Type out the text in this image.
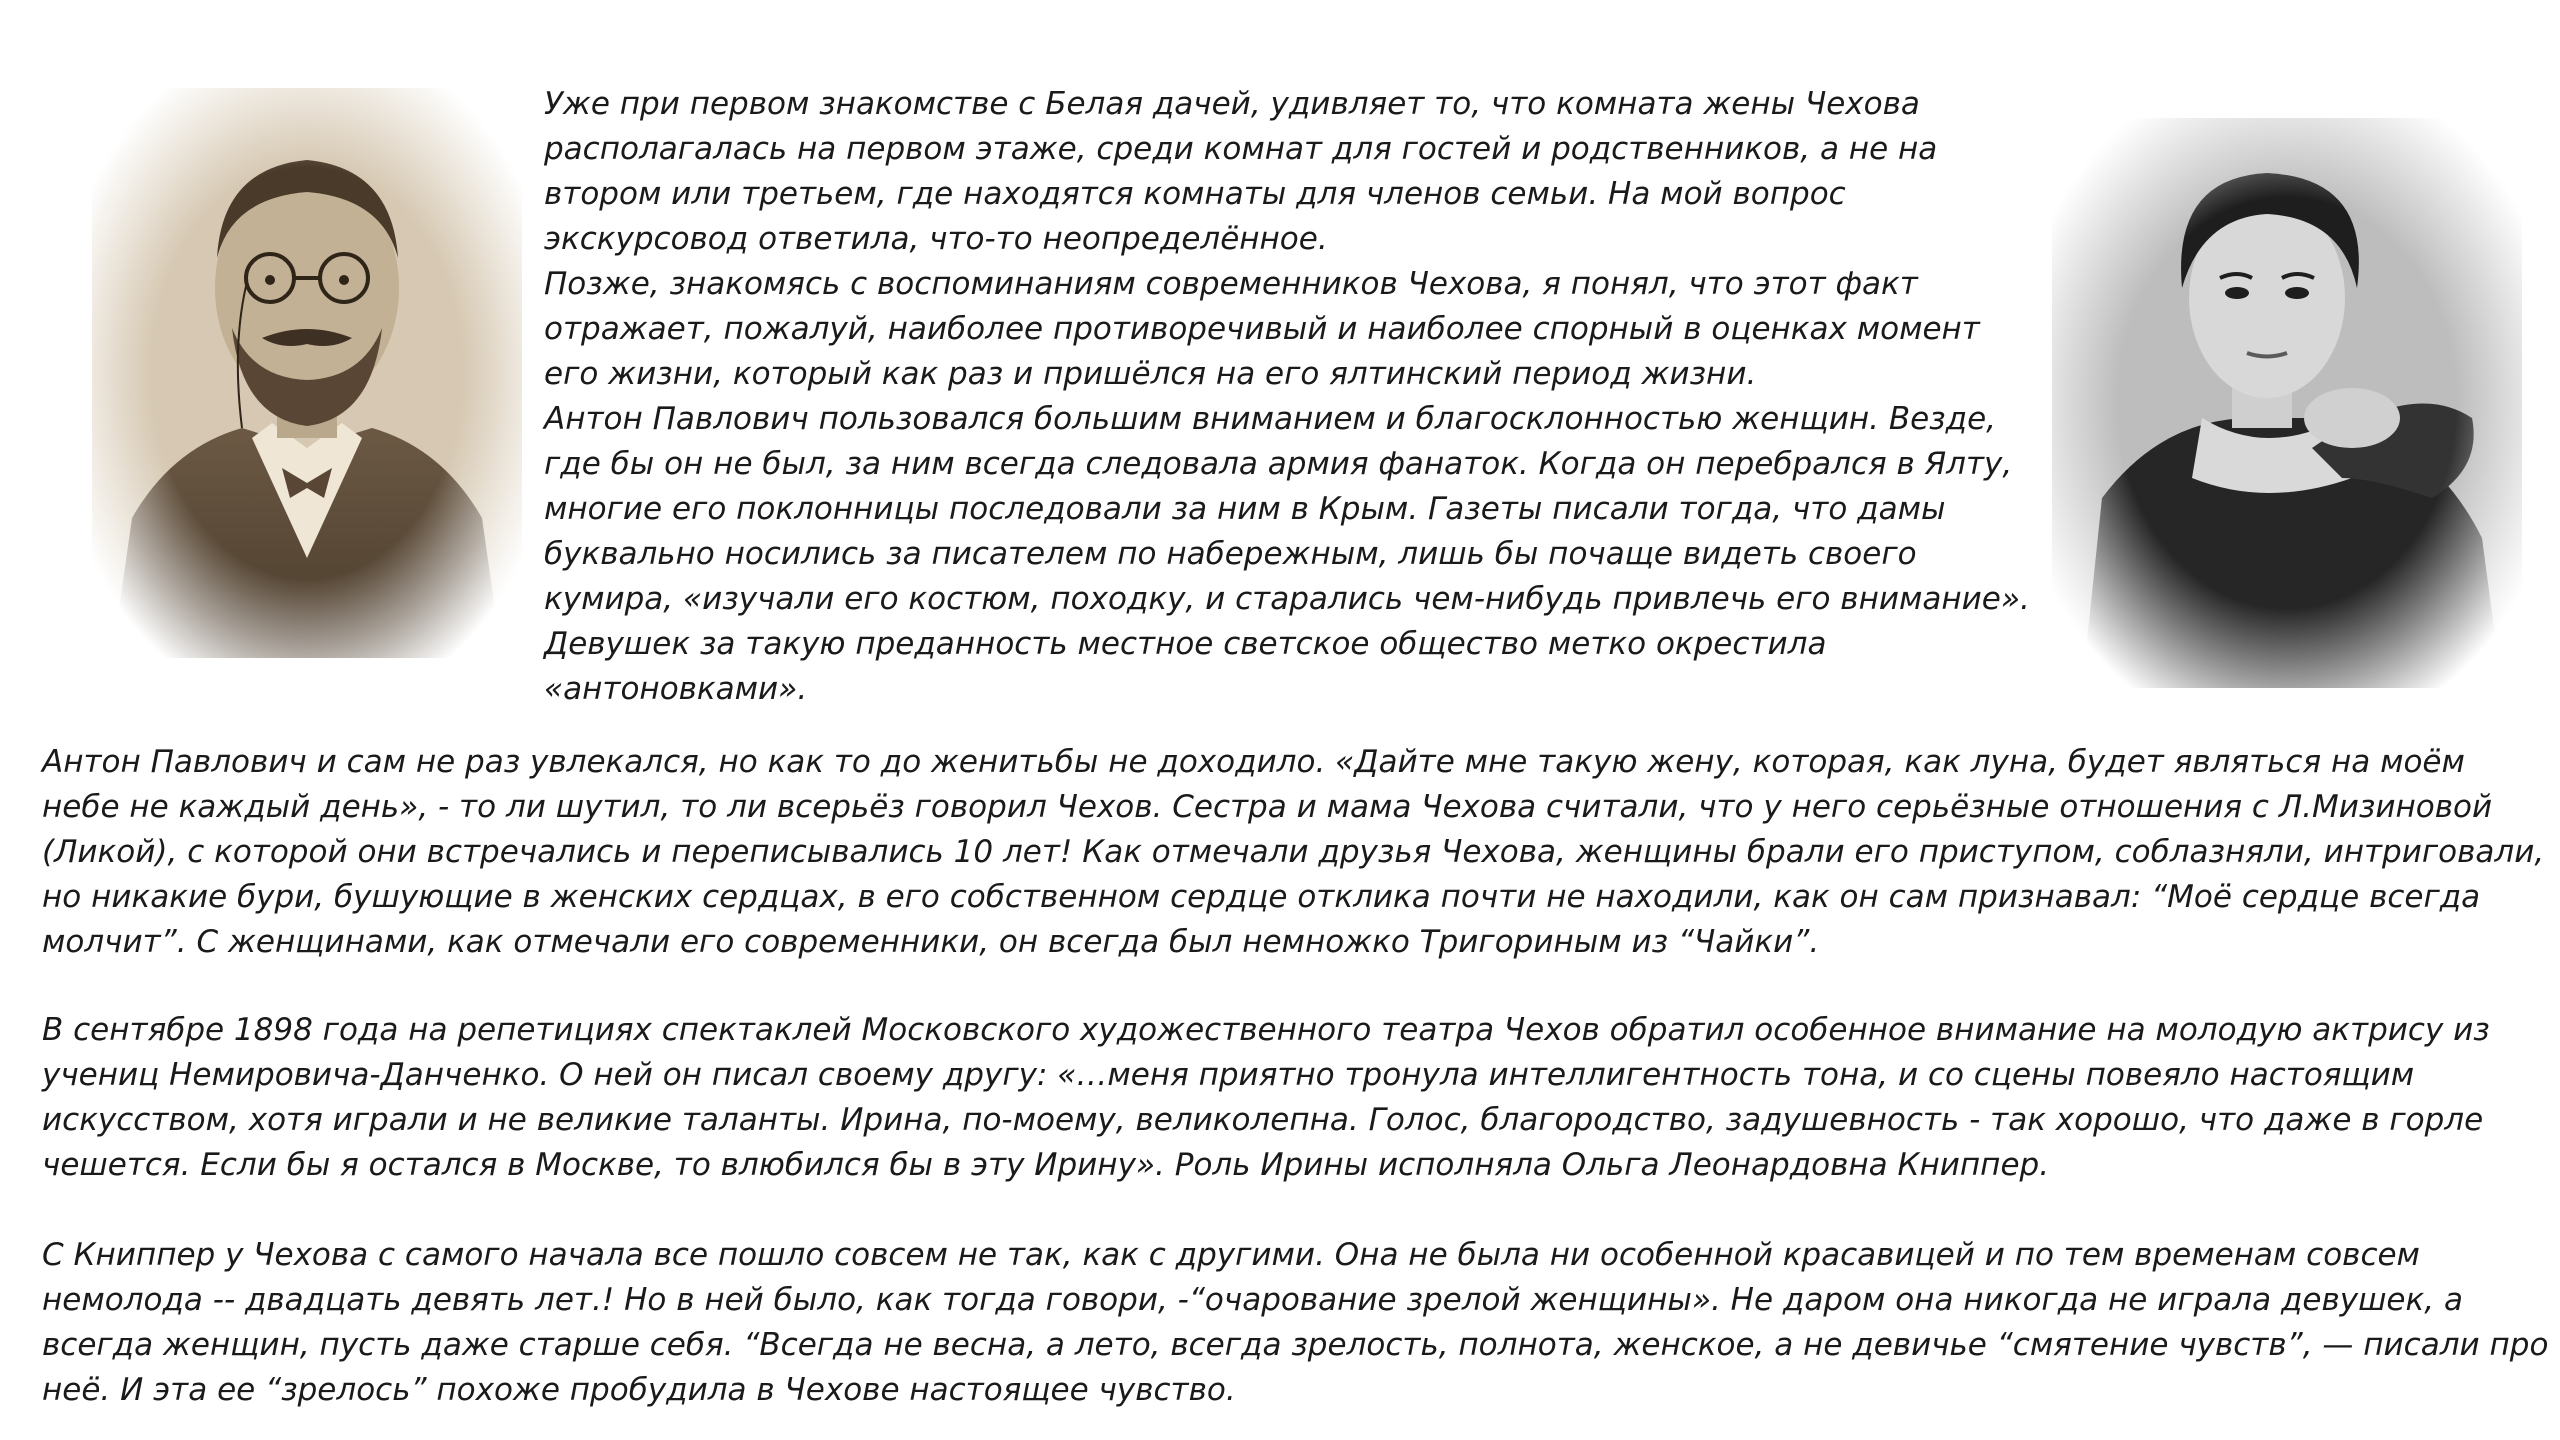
Уже при первом знакомстве с Белая дачей, удивляет то, что комната жены Чехова
располагалась на первом этаже, среди комнат для гостей и родственников, а не на
втором или третьем, где находятся комнаты для членов семьи. На мой вопрос
экскурсовод ответила, что-то неопределённое.
Позже, знакомясь с воспоминаниям современников Чехова, я понял, что этот факт
отражает, пожалуй, наиболее противоречивый и наиболее спорный в оценках момент
его жизни, который как раз и пришёлся на его ялтинский период жизни.
Антон Павлович пользовался большим вниманием и благосклонностью женщин. Везде,
где бы он не был, за ним всегда следовала армия фанаток. Когда он перебрался в Ялту,
многие его поклонницы последовали за ним в Крым. Газеты писали тогда, что дамы
буквально носились за писателем по набережным, лишь бы почаще видеть своего
кумира, «изучали его костюм, походку, и старались чем-нибудь привлечь его внимание».
Девушек за такую преданность местное светское общество метко окрестила
«антоновками».
Антон Павлович и сам не раз увлекался, но как то до женитьбы не доходило. «Дайте мне такую жену, которая, как луна, будет являться на моём
небе не каждый день», - то ли шутил, то ли всерьёз говорил Чехов. Сестра и мама Чехова считали, что у него серьёзные отношения с Л.Мизиновой
(Ликой), с которой они встречались и переписывались 10 лет! Как отмечали друзья Чехова, женщины брали его приступом, соблазняли, интриговали,
но никакие бури, бушующие в женских сердцах, в его собственном сердце отклика почти не находили, как он сам признавал: “Моё сердце всегда
молчит”. С женщинами, как отмечали его современники, он всегда был немножко Тригориным из “Чайки”.
В сентябре 1898 года на репетициях спектаклей Московского художественного театра Чехов обратил особенное внимание на молодую актрису из
учениц Немировича-Данченко. О ней он писал своему другу: «…меня приятно тронула интеллигентность тона, и со сцены повеяло настоящим
искусством, хотя играли и не великие таланты. Ирина, по-моему, великолепна. Голос, благородство, задушевность - так хорошо, что даже в горле
чешется. Если бы я остался в Москве, то влюбился бы в эту Ирину». Роль Ирины исполняла Ольга Леонардовна Книппер.
С Книппер у Чехова с самого начала все пошло совсем не так, как с другими. Она не была ни особенной красавицей и по тем временам совсем
немолода -- двадцать девять лет.! Но в ней было, как тогда говори, -“очарование зрелой женщины». Не даром она никогда не играла девушек, а
всегда женщин, пусть даже старше себя. “Всегда не весна, а лето, всегда зрелость, полнота, женское, а не девичье “смятение чувств”, — писали про
неё. И эта ее “зрелось” похоже пробудила в Чехове настоящее чувство.
